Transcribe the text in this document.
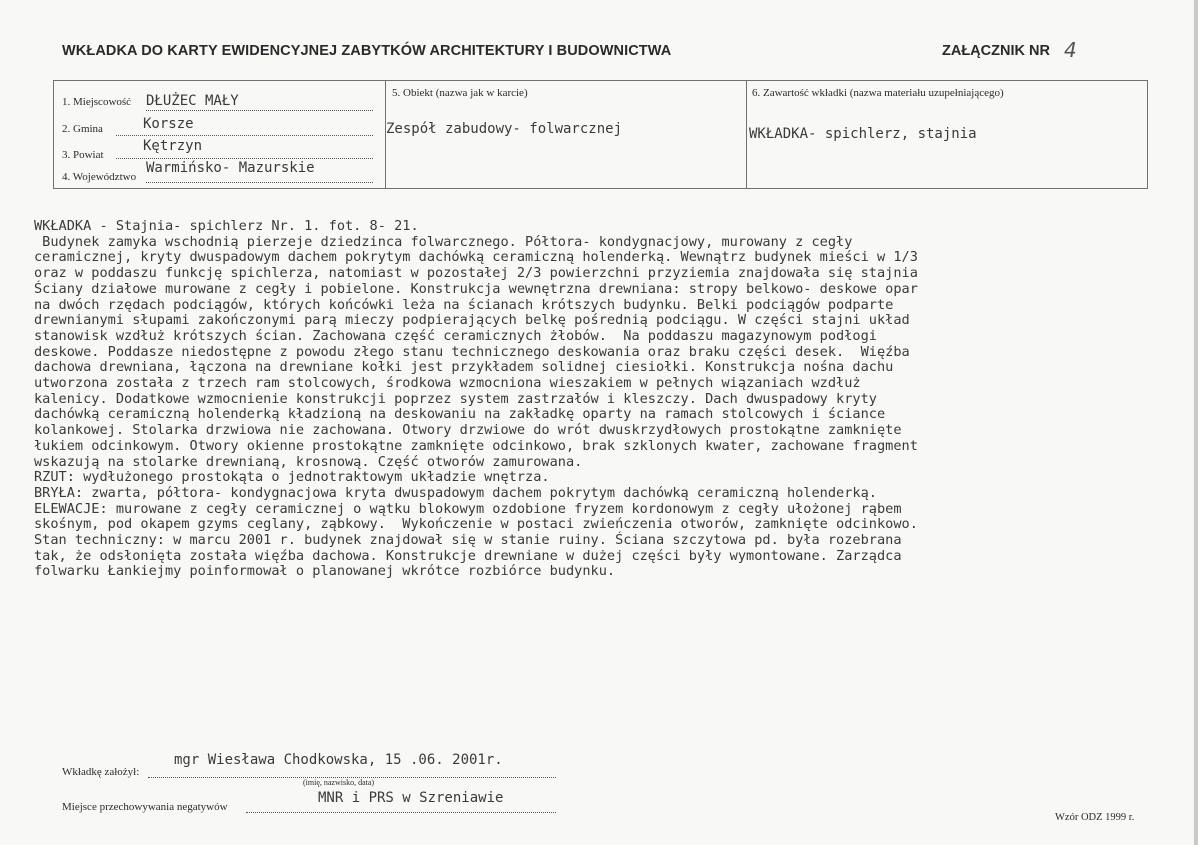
WKŁADKA DO KARTY EWIDENCYJNEJ ZABYTKÓW ARCHITEKTURY I BUDOWNICTWA	ZAŁĄCZNIK NR 4
1. Miejscowość DŁUŻEC MAŁY
2. Gmina	Korsze
3. Powiat
Kętrzyn
4. Województwo
Warmińsko- Mazurskie
5. Obiekt (nazwa jak w karcie)
Zespół zabudowy- folwarcznej
6. Zawartość wkładki (nazwa materiału uzupełniającego)
WKŁADKA- spichlerz, stajnia
WKŁADKA - Stajnia- spichlerz Nr. 1. fot. 8- 21.
Budynek zamyka wschodnią pierzeje dziedzinca folwarcznego. Półtora- kondygnacjowy, murowany z cegły
ceramicznej, kryty dwuspadowym dachem pokrytym dachówką ceramiczną holenderką. Wewnątrz budynek mieści w 1/3
oraz w poddaszu funkcję spichlerza, natomiast w pozostałej 2/3 powierzchni przyziemia znajdowała się stajnia
Ściany działowe murowane z cegły i pobielone. Konstrukcja wewnętrzna drewniana: stropy belkowo- deskowe opar
na dwóch rzędach podciągów, których końcówki leża na ścianach krótszych budynku. Belki podciągów podparte
drewnianymi słupami zakończonymi parą mieczy podpierających belkę pośrednią podciągu. W części stajni układ
stanowisk wzdłuż krótszych ścian. Zachowana część ceramicznych żłobów.  Na poddaszu magazynowym podłogi
deskowe. Poddasze niedostępne z powodu złego stanu technicznego deskowania oraz braku części desek.  Więźba
dachowa drewniana, łączona na drewniane kołki jest przykładem solidnej ciesiołki. Konstrukcja nośna dachu
utworzona została z trzech ram stolcowych, środkowa wzmocniona wieszakiem w pełnych wiązaniach wzdłuż
kalenicy. Dodatkowe wzmocnienie konstrukcji poprzez system zastrzałów i kleszczy. Dach dwuspadowy kryty
dachówką ceramiczną holenderką kładzioną na deskowaniu na zakładkę oparty na ramach stolcowych i ściance
kolankowej. Stolarka drzwiowa nie zachowana. Otwory drzwiowe do wrót dwuskrzydłowych prostokątne zamknięte
łukiem odcinkowym. Otwory okienne prostokątne zamknięte odcinkowo, brak szklonych kwater, zachowane fragment
wskazują na stolarke drewnianą, krosnową. Część otworów zamurowana.
RZUT: wydłużonego prostokąta o jednotraktowym układzie wnętrza.
BRYŁA: zwarta, półtora- kondygnacjowa kryta dwuspadowym dachem pokrytym dachówką ceramiczną holenderką.
ELEWACJE: murowane z cegły ceramicznej o wątku blokowym ozdobione fryzem kordonowym z cegły ułożonej rąbem
skośnym, pod okapem gzyms ceglany, ząbkowy.  Wykończenie w postaci zwieńczenia otworów, zamknięte odcinkowo.
Stan techniczny: w marcu 2001 r. budynek znajdował się w stanie ruiny. Ściana szczytowa pd. była rozebrana
tak, że odsłonięta została więźba dachowa. Konstrukcje drewniane w dużej części były wymontowane. Zarządca
folwarku Łankiejmy poinformował o planowanej wkrótce rozbiórce budynku.
Wkładkę założył:
mgr Wiesława Chodkowska, 15 .06. 2001r.
(imię, nazwisko, data)
Miejsce przechowywania negatywów
MNR i PRS w Szreniawie
Wzór ODZ 1999 r.
